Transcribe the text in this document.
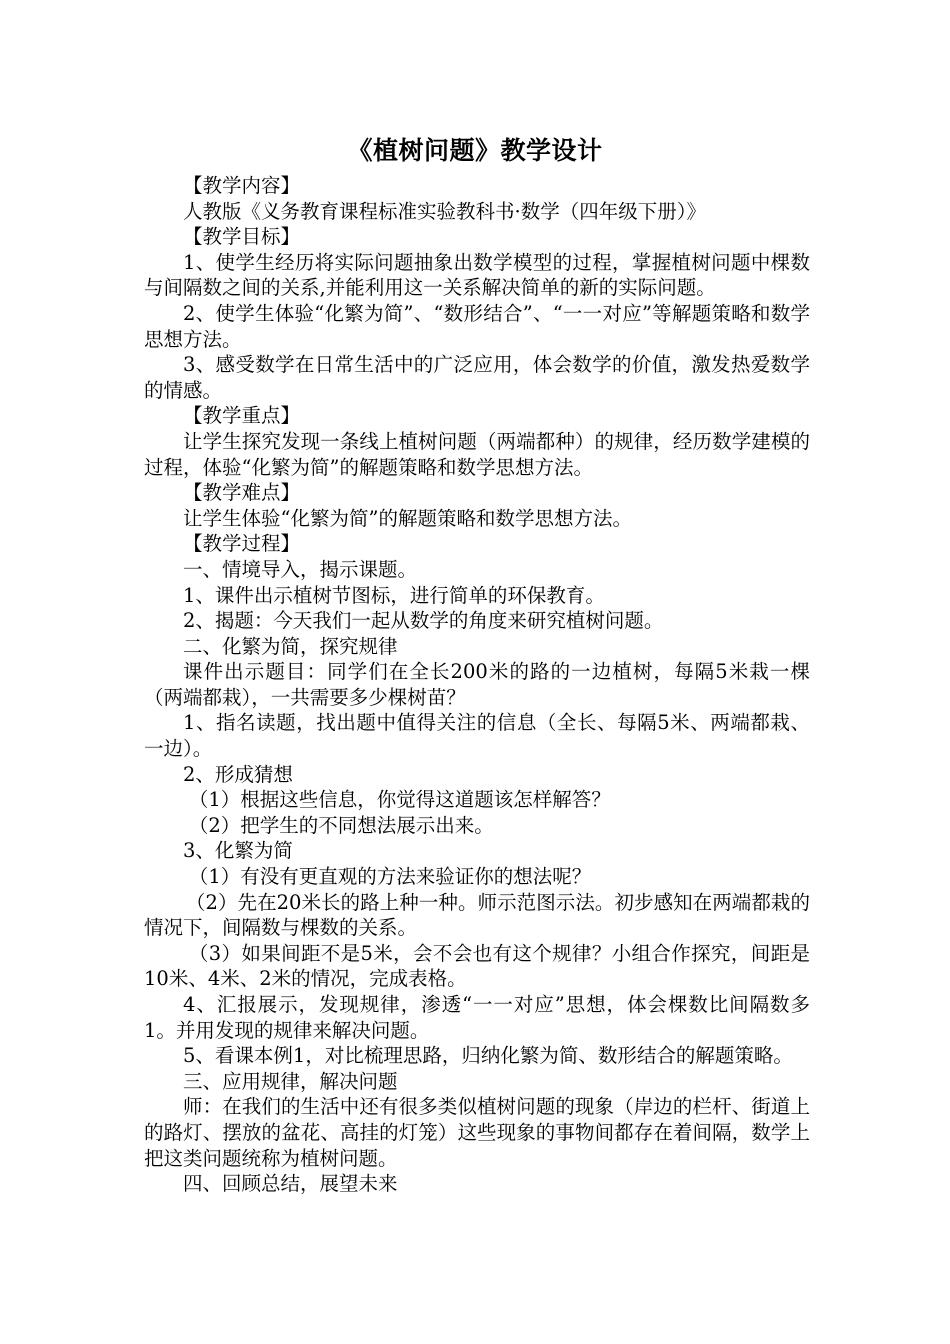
《植树问题》教学设计

【教学内容】

人教版《义务教育课程标准实验教科书·数学（四年级下册）》

【教学目标】

1、使学生经历将实际问题抽象出数学模型的过程，掌握植树问题中棵数与间隔数之间的关系,并能利用这一关系解决简单的新的实际问题。

2、使学生体验“化繁为简”、“数形结合”、“一一对应”等解题策略和数学思想方法。

3、感受数学在日常生活中的广泛应用，体会数学的价值，激发热爱数学的情感。

【教学重点】

让学生探究发现一条线上植树问题（两端都种）的规律，经历数学建模的过程，体验“化繁为简”的解题策略和数学思想方法。

【教学难点】

让学生体验“化繁为简”的解题策略和数学思想方法。

【教学过程】

一、情境导入，揭示课题。

1、课件出示植树节图标，进行简单的环保教育。

2、揭题：今天我们一起从数学的角度来研究植树问题。

二、化繁为简，探究规律

课件出示题目：同学们在全长200米的路的一边植树，每隔5米栽一棵（两端都栽），一共需要多少棵树苗？

1、指名读题，找出题中值得关注的信息（全长、每隔5米、两端都栽、一边）。

2、形成猜想

（1）根据这些信息，你觉得这道题该怎样解答？

（2）把学生的不同想法展示出来。

3、化繁为简

（1）有没有更直观的方法来验证你的想法呢？

（2）先在20米长的路上种一种。师示范图示法。初步感知在两端都栽的情况下，间隔数与棵数的关系。

（3）如果间距不是5米，会不会也有这个规律？小组合作探究，间距是10米、4米、2米的情况，完成表格。

4、汇报展示，发现规律，渗透“一一对应”思想，体会棵数比间隔数多1。并用发现的规律来解决问题。

5、看课本例1，对比梳理思路，归纳化繁为简、数形结合的解题策略。

三、应用规律，解决问题

师：在我们的生活中还有很多类似植树问题的现象（岸边的栏杆、街道上的路灯、摆放的盆花、高挂的灯笼）这些现象的事物间都存在着间隔，数学上把这类问题统称为植树问题。

四、回顾总结，展望未来
